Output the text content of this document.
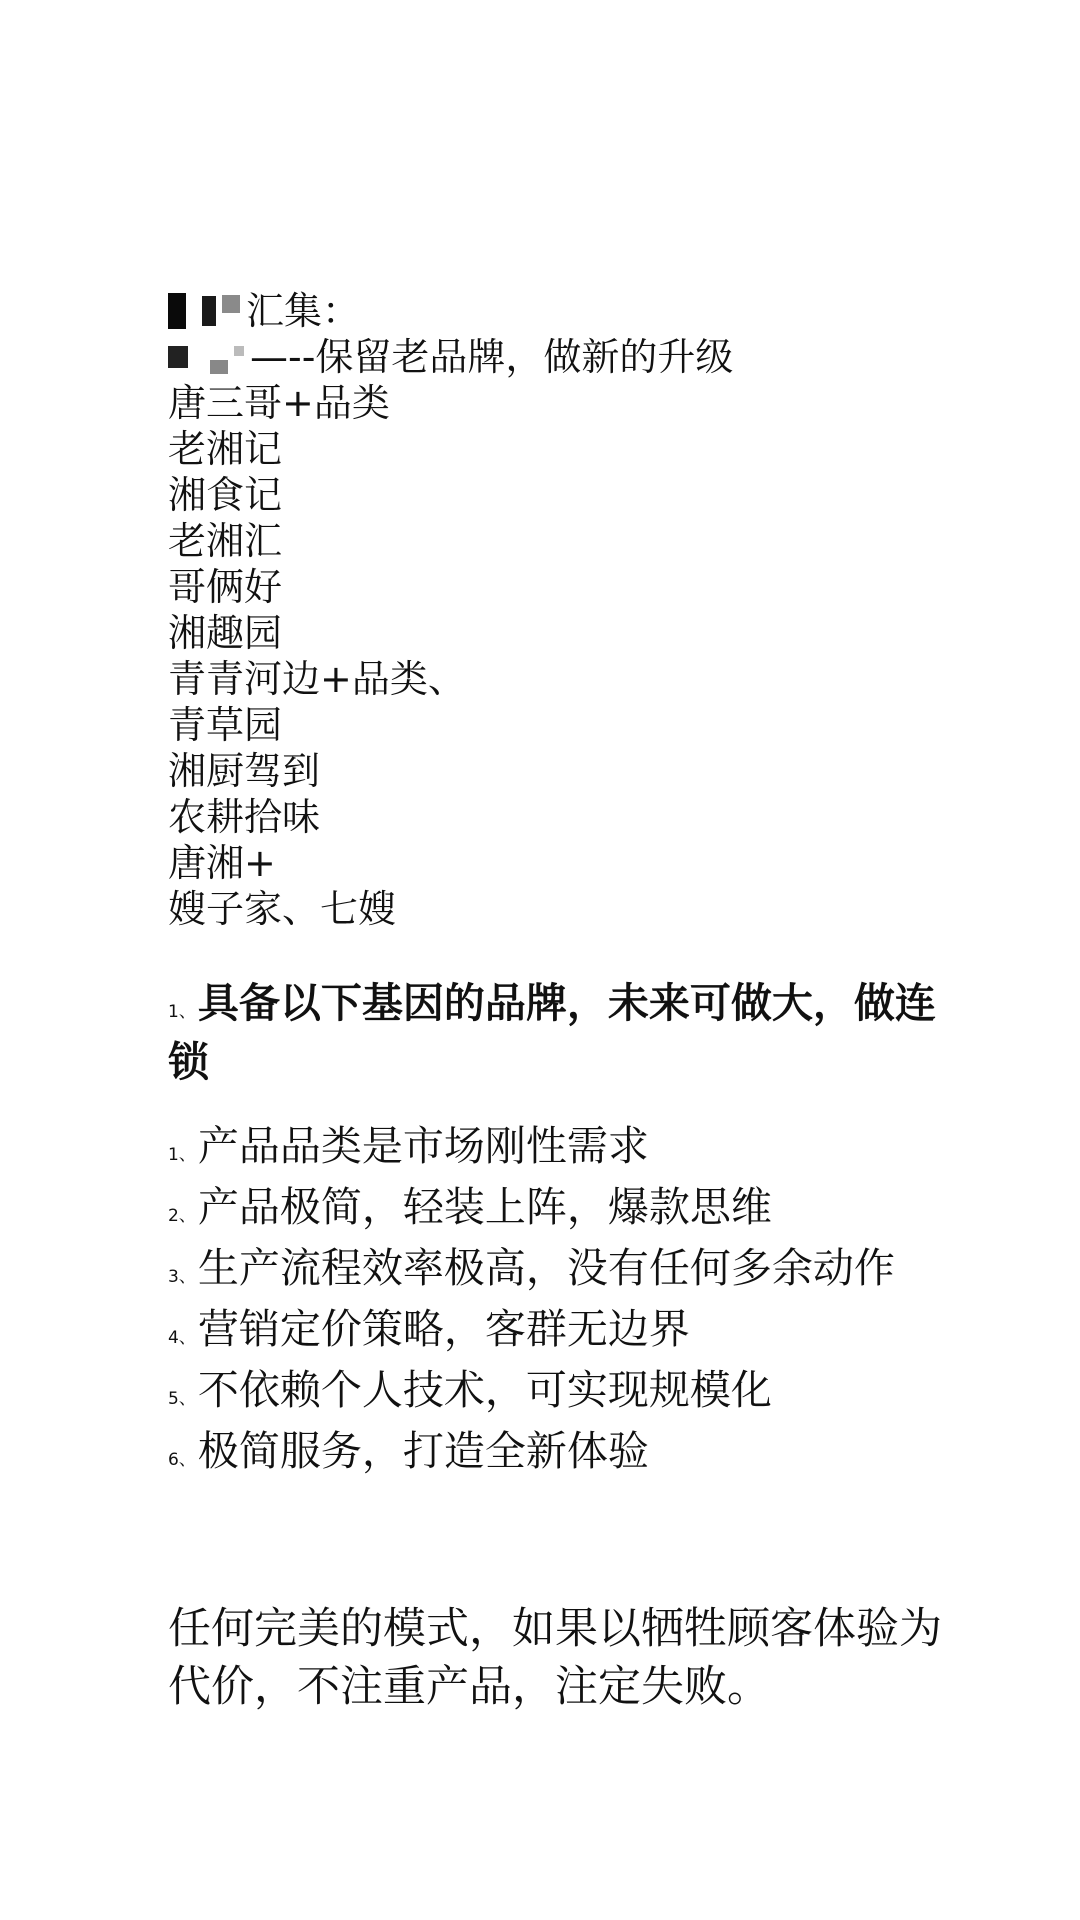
汇集：
—--保留老品牌，做新的升级
唐三哥+品类
老湘记
湘食记
老湘汇
哥俩好
湘趣园
青青河边+品类、
青草园
湘厨驾到
农耕拾味
唐湘+
嫂子家、七嫂
1、具备以下基因的品牌，未来可做大，做连锁
1、产品品类是市场刚性需求
2、产品极简，轻装上阵，爆款思维
3、生产流程效率极高，没有任何多余动作
4、营销定价策略，客群无边界
5、不依赖个人技术，可实现规模化
6、极简服务，打造全新体验
任何完美的模式，如果以牺牲顾客体验为代价，不注重产品，注定失败。
